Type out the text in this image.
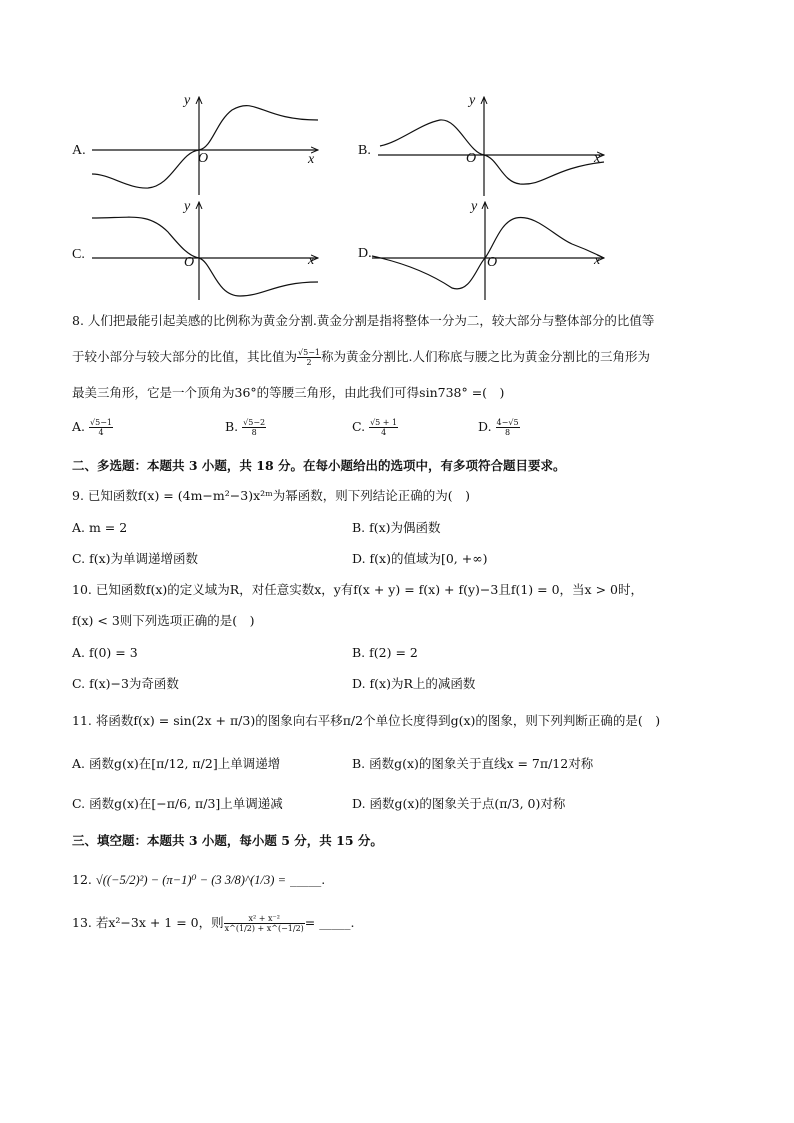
A.
y
x
O
B.
y
x
O
C.
y
x
O
D.
y
x
O
8. 人们把最能引起美感的比例称为黄金分割.黄金分割是指将整体一分为二，较大部分与整体部分的比值等
于较小部分与较大部分的比值，其比值为 $\frac{√5-1}{2}$ 称为黄金分割比.人们称底与腰之比为黄金分割比的三角形为
最美三角形，它是一个顶角为36°的等腰三角形，由此我们可得sin738° =(　)
A. $\frac{√5-1}{4}$	B. $\frac{√5-2}{8}$	C. $\frac{√5 + 1}{4}$	D. $\frac{4-√5}{8}$
二、多选题：本题共 3 小题，共 18 分。在每小题给出的选项中，有多项符合题目要求。
9. 已知函数f(x) = (4m−m²−3)x²ᵐ为幂函数，则下列结论正确的为(　)
A. m = 2	B. f(x)为偶函数
C. f(x)为单调递增函数	D. f(x)的值域为[0, +∞)
10. 已知函数f(x)的定义域为R，对任意实数x，y有f(x + y) = f(x) + f(y)−3且f(1) = 0，当x > 0时，
f(x) < 3则下列选项正确的是(　)
A. f(0) = 3	B. f(2) = 2
C. f(x)−3为奇函数	D. f(x)为R上的减函数
11. 将函数f(x) = sin(2x + π/3)的图象向右平移π/2个单位长度得到g(x)的图象，则下列判断正确的是(　)
A. 函数g(x)在[π/12, π/2]上单调递增	B. 函数g(x)的图象关于直线x = 7π/12对称
C. 函数g(x)在[−π/6, π/3]上单调递减	D. 函数g(x)的图象关于点(π/3, 0)对称
三、填空题：本题共 3 小题，每小题 5 分，共 15 分。
12. √((−5/2)²) − (π−1)⁰ − (3 3/8)^(1/3) = _____.
13. 若x²−3x + 1 = 0，则 $\frac{\text{x² + x⁻²}}{x\^{}(1/2) + x\^{}(-1/2)}$ = _____.
